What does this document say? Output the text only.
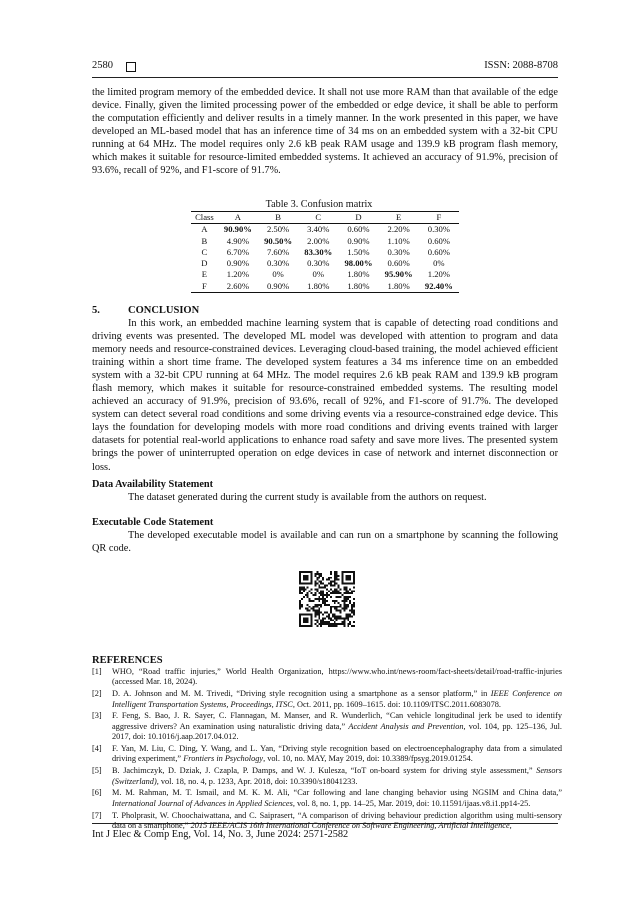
2580	ISSN: 2088-8708

the limited program memory of the embedded device. It shall not use more RAM than that available of the edge device. Finally, given the limited processing power of the embedded or edge device, it shall be able to perform the computation efficiently and deliver results in a timely manner. In the work presented in this paper, we have developed an ML-based model that has an inference time of 34 ms on an embedded system with a 32-bit CPU running at 64 MHz. The model requires only 2.6 kB peak RAM usage and 139.9 kB program flash memory, which makes it suitable for resource-limited embedded systems. It achieved an accuracy of 91.9%, precision of 93.6%, recall of 92%, and F1-score of 91.7%.

Table 3. Confusion matrix
Class	A	B	C	D	E	F
A	90.90%	2.50%	3.40%	0.60%	2.20%	0.30%
B	4.90%	90.50%	2.00%	0.90%	1.10%	0.60%
C	6.70%	7.60%	83.30%	1.50%	0.30%	0.60%
D	0.90%	0.30%	0.30%	98.00%	0.60%	0%
E	1.20%	0%	0%	1.80%	95.90%	1.20%
F	2.60%	0.90%	1.80%	1.80%	1.80%	92.40%
5.	CONCLUSION

In this work, an embedded machine learning system that is capable of detecting road conditions and driving events was presented. The developed ML model was developed with attention to program and data memory needs and resource-constrained devices. Leveraging cloud-based training, the model achieved efficient training within a short time frame. The developed system features a 34 ms inference time on an embedded system with a 32-bit CPU running at 64 MHz. The model requires 2.6 kB peak RAM and 139.9 kB program flash memory, which makes it suitable for resource-constrained embedded systems. The resulting model achieved an accuracy of 91.9%, precision of 93.6%, recall of 92%, and F1-score of 91.7%. The developed system can detect several road conditions and some driving events via a resource-constrained edge device. This lays the foundation for developing models with more road conditions and driving events trained with larger datasets for potential real-world applications to enhance road safety and save more lives. The presented system brings the power of uninterrupted operation on edge devices in case of network and internet disconnection or loss.

Data Availability Statement

The dataset generated during the current study is available from the authors on request.

Executable Code Statement

The developed executable model is available and can run on a smartphone by scanning the following QR code.

REFERENCES
[1] WHO, “Road traffic injuries,” World Health Organization, https://www.who.int/news-room/fact-sheets/detail/road-traffic-injuries (accessed Mar. 18, 2024).
[2] D. A. Johnson and M. M. Trivedi, “Driving style recognition using a smartphone as a sensor platform,” in IEEE Conference on Intelligent Transportation Systems, Proceedings, ITSC, Oct. 2011, pp. 1609–1615. doi: 10.1109/ITSC.2011.6083078.
[3] F. Feng, S. Bao, J. R. Sayer, C. Flannagan, M. Manser, and R. Wunderlich, “Can vehicle longitudinal jerk be used to identify aggressive drivers? An examination using naturalistic driving data,” Accident Analysis and Prevention, vol. 104, pp. 125–136, Jul. 2017, doi: 10.1016/j.aap.2017.04.012.
[4] F. Yan, M. Liu, C. Ding, Y. Wang, and L. Yan, “Driving style recognition based on electroencephalography data from a simulated driving experiment,” Frontiers in Psychology, vol. 10, no. MAY, May 2019, doi: 10.3389/fpsyg.2019.01254.
[5] B. Jachimczyk, D. Dziak, J. Czapla, P. Damps, and W. J. Kulesza, “IoT on-board system for driving style assessment,” Sensors (Switzerland), vol. 18, no. 4, p. 1233, Apr. 2018, doi: 10.3390/s18041233.
[6] M. M. Rahman, M. T. Ismail, and M. K. M. Ali, “Car following and lane changing behavior using NGSIM and China data,” International Journal of Advances in Applied Sciences, vol. 8, no. 1, pp. 14–25, Mar. 2019, doi: 10.11591/ijaas.v8.i1.pp14-25.
[7] T. Pholprasit, W. Choochaiwattana, and C. Saiprasert, “A comparison of driving behaviour prediction algorithm using multi-sensory data on a smartphone,” 2015 IEEE/ACIS 16th International Conference on Software Engineering, Artificial Intelligence,
Int J Elec & Comp Eng, Vol. 14, No. 3, June 2024: 2571-2582
